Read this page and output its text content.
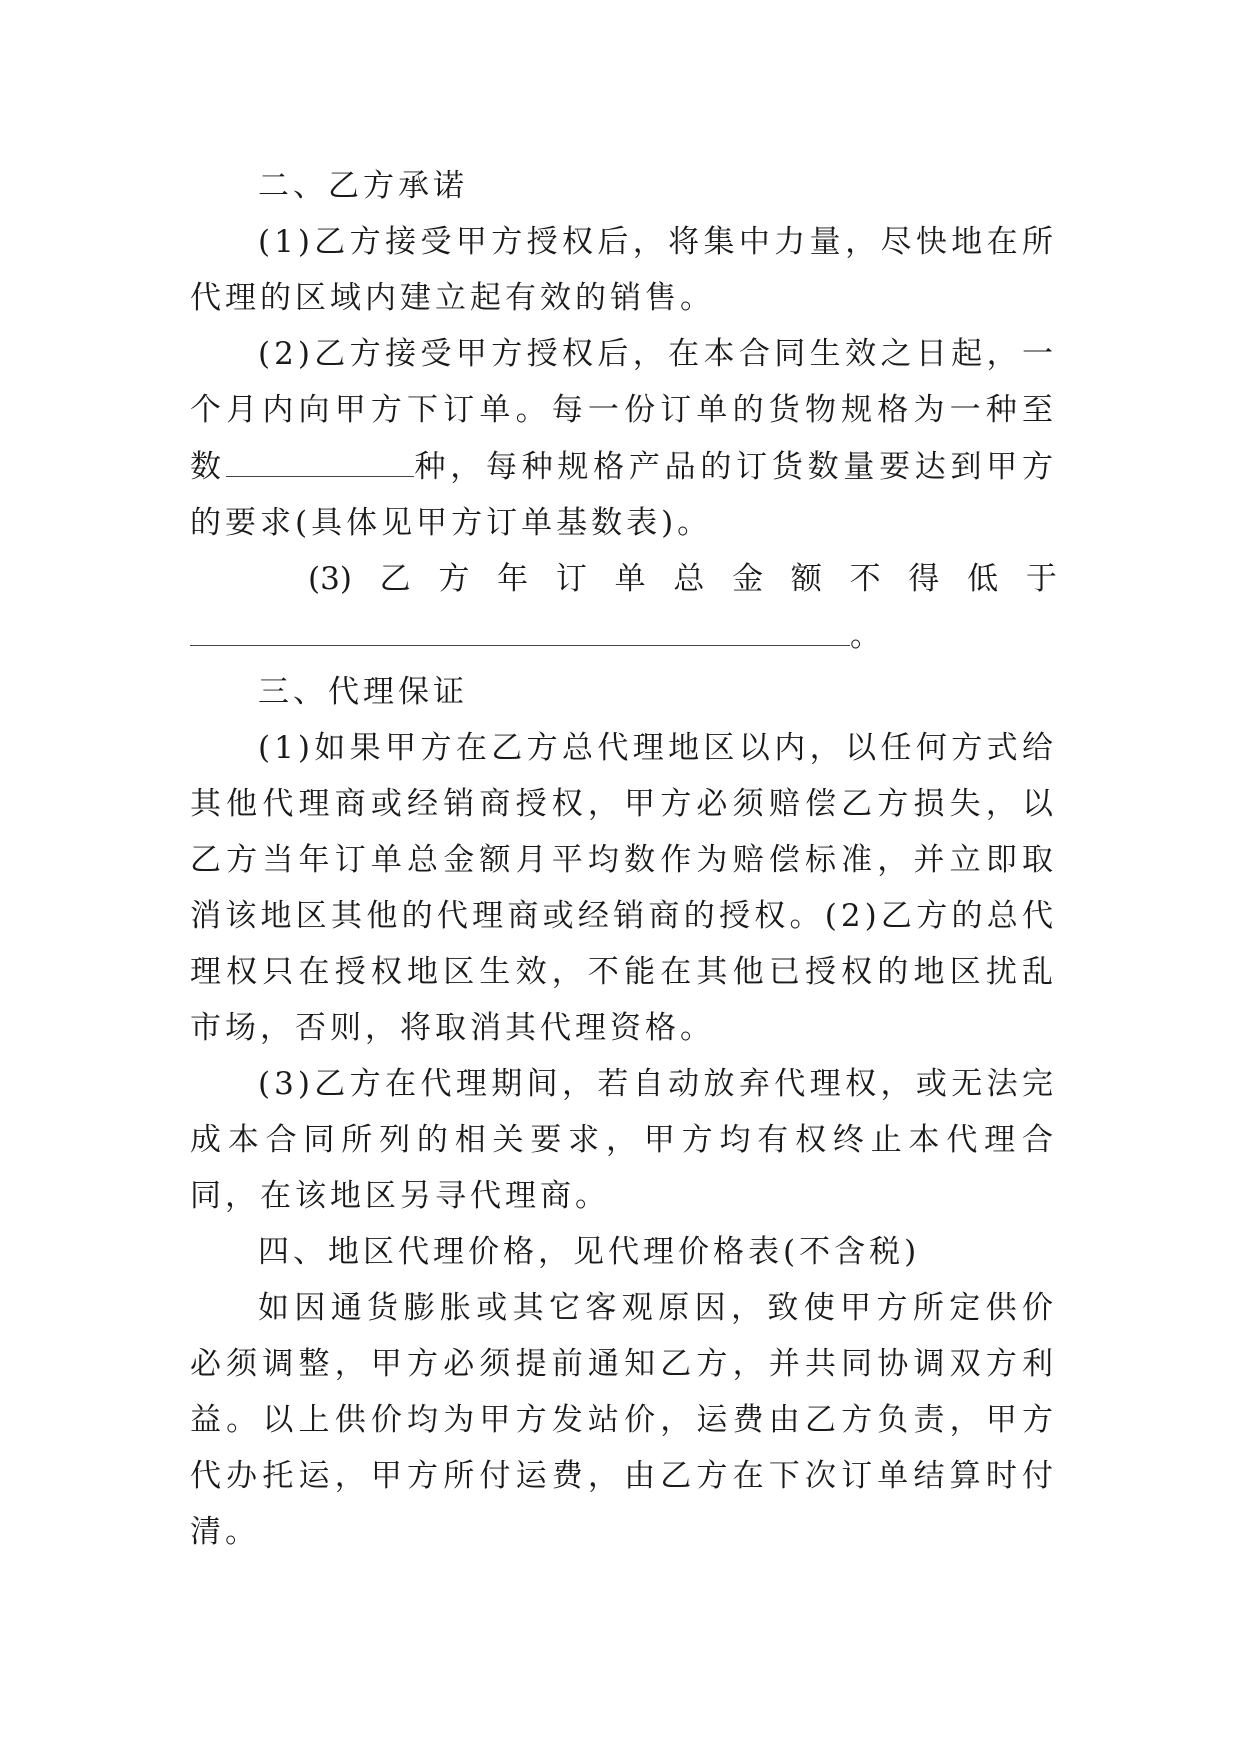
二、乙方承诺

(1)乙方接受甲方授权后，将集中力量，尽快地在所代理的区域内建立起有效的销售。

(2)乙方接受甲方授权后，在本合同生效之日起，一个月内向甲方下订单。每一份订单的货物规格为一种至数	种，每种规格产品的订货数量要达到甲方的要求(具体见甲方订单基数表)。

(3) 乙 方 年 订 单 总 金 额 不 得 低 于

。

三、代理保证

(1)如果甲方在乙方总代理地区以内，以任何方式给其他代理商或经销商授权，甲方必须赔偿乙方损失，以乙方当年订单总金额月平均数作为赔偿标准，并立即取消该地区其他的代理商或经销商的授权。(2)乙方的总代理权只在授权地区生效，不能在其他已授权的地区扰乱市场，否则，将取消其代理资格。

(3)乙方在代理期间，若自动放弃代理权，或无法完成本合同所列的相关要求，甲方均有权终止本代理合同，在该地区另寻代理商。

四、地区代理价格，见代理价格表(不含税)

如因通货膨胀或其它客观原因，致使甲方所定供价必须调整，甲方必须提前通知乙方，并共同协调双方利益。以上供价均为甲方发站价，运费由乙方负责，甲方代办托运，甲方所付运费，由乙方在下次订单结算时付清。
